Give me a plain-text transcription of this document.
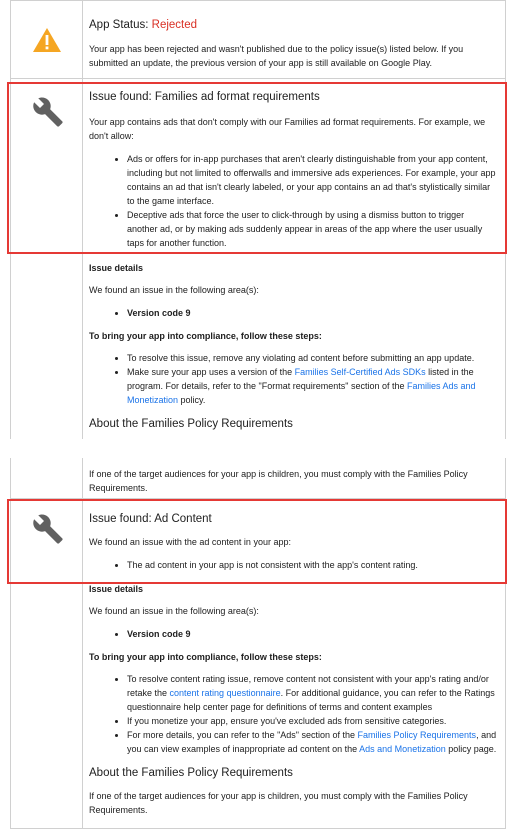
App Status: Rejected
Your app has been rejected and wasn't published due to the policy issue(s) listed below. If you submitted an update, the previous version of your app is still available on Google Play.
Issue found: Families ad format requirements
Your app contains ads that don't comply with our Families ad format requirements. For example, we don't allow:
• Ads or offers for in-app purchases that aren't clearly distinguishable from your app content, including but not limited to offerwalls and immersive ads experiences. For example, your app contains an ad that isn't clearly labeled, or your app contains an ad that's stylistically similar to the game interface.
• Deceptive ads that force the user to click-through by using a dismiss button to trigger another ad, or by making ads suddenly appear in areas of the app where the user usually taps for another function.
Issue details
We found an issue in the following area(s):
• Version code 9
To bring your app into compliance, follow these steps:
• To resolve this issue, remove any violating ad content before submitting an app update.
• Make sure your app uses a version of the Families Self-Certified Ads SDKs listed in the program. For details, refer to the "Format requirements" section of the Families Ads and Monetization policy.
About the Families Policy Requirements
If one of the target audiences for your app is children, you must comply with the Families Policy Requirements.
Issue found: Ad Content
We found an issue with the ad content in your app:
• The ad content in your app is not consistent with the app's content rating.
Issue details
We found an issue in the following area(s):
• Version code 9
To bring your app into compliance, follow these steps:
• To resolve content rating issue, remove content not consistent with your app's rating and/or retake the content rating questionnaire. For additional guidance, you can refer to the Ratings questionnaire help center page for definitions of terms and content examples
• If you monetize your app, ensure you've excluded ads from sensitive categories.
• For more details, you can refer to the "Ads" section of the Families Policy Requirements, and you can view examples of inappropriate ad content on the Ads and Monetization policy page.
About the Families Policy Requirements
If one of the target audiences for your app is children, you must comply with the Families Policy Requirements.
